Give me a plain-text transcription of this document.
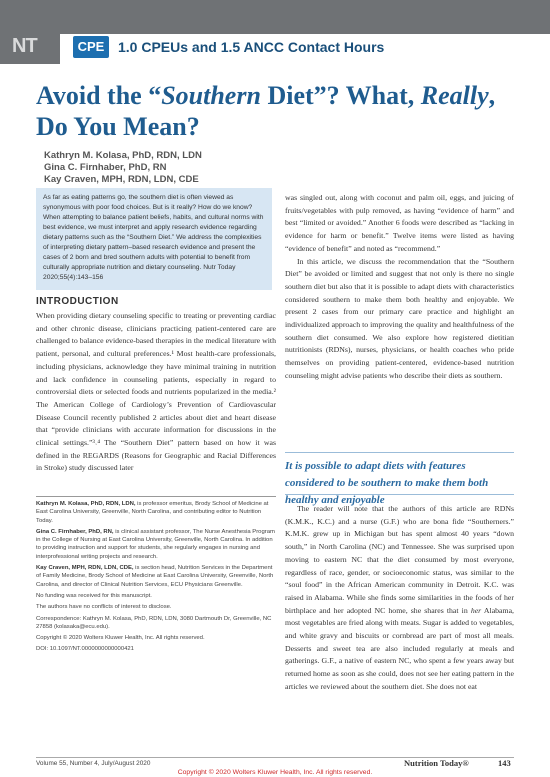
NT	CPE 1.0 CPEUs and 1.5 ANCC Contact Hours
Avoid the “Southern Diet”? What, Really,
Do You Mean?
Kathryn M. Kolasa, PhD, RDN, LDN
Gina C. Firnhaber, PhD, RN
Kay Craven, MPH, RDN, LDN, CDE
As far as eating patterns go, the southern diet is often viewed as synonymous with poor food choices. But is it really? How do we know? When attempting to balance patient beliefs, habits, and cultural norms with best evidence, we must interpret and apply research evidence regarding dietary patterns such as the “Southern Diet.” We address the complexities of interpreting dietary pattern–based research evidence and present the cases of 2 born and bred southern adults with potential to benefit from culturally appropriate nutrition and dietary counseling. Nutr Today 2020;55(4):143–156
INTRODUCTION
When providing dietary counseling specific to treating or preventing cardiac and other chronic disease, clinicians practicing patient-centered care are challenged to balance evidence-based therapies in the medical literature with patient, personal, and cultural preferences.¹ Most health-care professionals, including physicians, acknowledge they have minimal training in nutrition and lack confidence in counseling patients, especially in regard to controversial diets or selected foods and nutrients popularized in the media.² The American College of Cardiology’s Prevention of Cardiovascular Disease Council recently published 2 articles about diet and heart disease that “provide clinicians with accurate information for discussions in the clinical settings.”³˒⁴ The “Southern Diet” pattern based on how it was defined in the REGARDS (Reasons for Geographic and Racial Differences in Stroke) study discussed later

Kathryn M. Kolasa, PhD, RDN, LDN, is professor emeritus, Brody School of Medicine at East Carolina University, Greenville, North Carolina, and contributing editor to Nutrition Today.

Gina C. Firnhaber, PhD, RN, is clinical assistant professor, The Nurse Anesthesia Program in the College of Nursing at East Carolina University, Greenville, North Carolina. In addition to providing instruction and support for students, she regularly engages in nursing and interprofessional writing projects and research.

Kay Craven, MPH, RDN, LDN, CDE, is section head, Nutrition Services in the Department of Family Medicine, Brody School of Medicine at East Carolina University, Greenville, North Carolina, and director of Clinical Nutrition Services, ECU Physicians Greenville.

No funding was received for this manuscript.

The authors have no conflicts of interest to disclose.

Correspondence: Kathryn M. Kolasa, PhD, RDN, LDN, 3080 Dartmouth Dr, Greenville, NC 27858 (kolasaka@ecu.edu).

Copyright © 2020 Wolters Kluwer Health, Inc. All rights reserved.

DOI: 10.1097/NT.0000000000000421

was singled out, along with coconut and palm oil, eggs, and juicing of fruits/vegetables with pulp removed, as having “evidence of harm” and best “limited or avoided.” Another 6 foods were described as “lacking in evidence for harm or benefit.” Twelve items were listed as having “evidence of benefit” and noted as “recommend.”

In this article, we discuss the recommendation that the “Southern Diet” be avoided or limited and suggest that not only is there no single southern diet but also that it is possible to adapt diets with characteristics considered southern to make them both healthy and enjoyable. We present 2 cases from our primary care practice and highlight an individualized approach to improving the quality and healthfulness of the southern diet consumed. We also explore how registered dietitian nutritionists (RDNs), nurses, physicians, or health coaches who pride themselves on providing patient-centered, evidence-based nutrition counseling might advise patients who describe their diets as southern.

It is possible to adapt diets with features considered to be southern to make them both healthy and enjoyable
The reader will note that the authors of this article are RDNs (K.M.K., K.C.) and a nurse (G.F.) who are bona fide “Southerners.” K.M.K. grew up in Michigan but has spent almost 40 years “down south,” in North Carolina (NC) and Tennessee. She was surprised upon moving to eastern NC that the diet consumed by most everyone, regardless of race, gender, or socioeconomic status, was similar to the “soul food” in the African American community in Detroit. K.C. was raised in Alabama. While she finds some similarities in the foods of her birthplace and her adopted NC home, she shares that in her Alabama, most vegetables are fried along with meats. Sugar is added to vegetables, and white gravy and biscuits or cornbread are part of most all meals. Desserts and sweet tea are also included regularly at meals and gatherings. G.F., a native of eastern NC, who spent a few years away but returned home as soon as she could, does not see her eating pattern in the articles we reviewed about the southern diet. She does not eat
Volume 55, Number 4, July/August 2020	Nutrition Today®	143
Copyright © 2020 Wolters Kluwer Health, Inc. All rights reserved.
